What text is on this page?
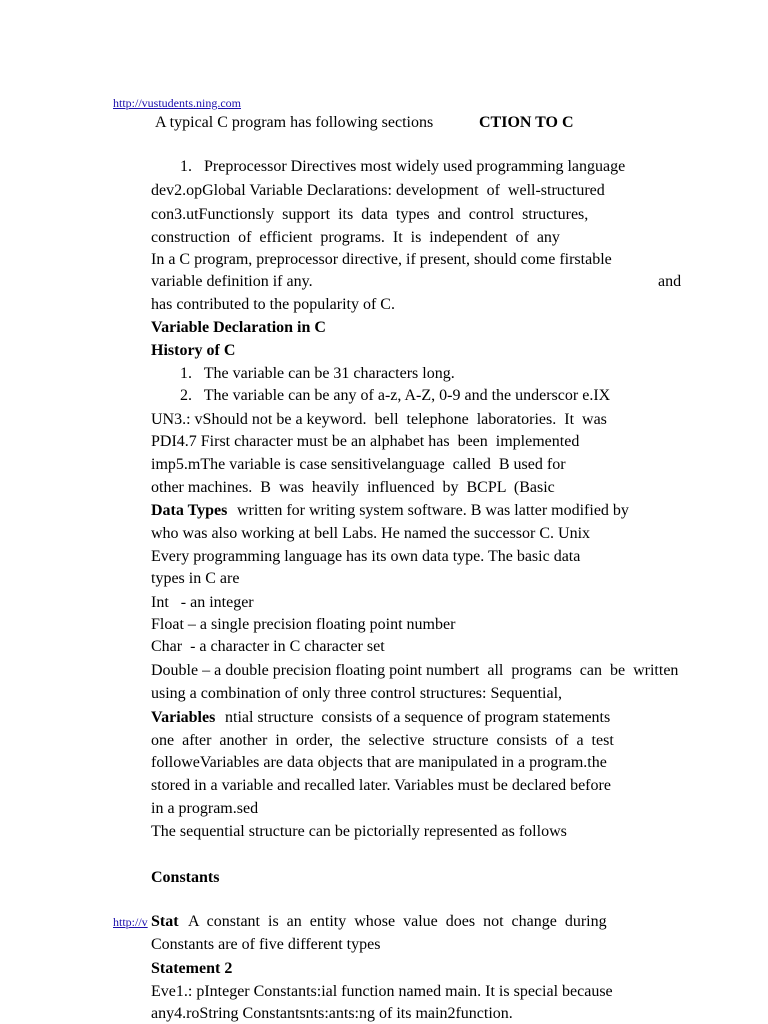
http://vustudents.ning.com
A typical C program has following sections	CTION TO C
1.   Preprocessor Directives most widely used programming language
dev2.opGlobal Variable Declarations: development  of  well-structured
con3.utFunctionsly  support  its  data  types  and  control  structures,
construction  of  efficient  programs.  It  is  independent  of  any
In a C program, preprocessor directive, if present, should come firstable
variable definition if any.	and
has contributed to the popularity of C.
Variable Declaration in C
History of C
1.   The variable can be 31 characters long.
2.   The variable can be any of a-z, A-Z, 0-9 and the underscor e.IX
UN3.: vShould not be a keyword.  bell  telephone  laboratories.  It  was
PDI4.7 First character must be an alphabet has  been  implemented
imp5.mThe variable is case sensitivelanguage  called  B used for
other machines.  B  was  heavily  influenced  by  BCPL  (Basic
Data Types written for writing system software. B was latter modified by
who was also working at bell Labs. He named the successor C. Unix
Every programming language has its own data type. The basic data
types in C are
Int   - an integer
Float – a single precision floating point number
Char  - a character in C character set
Double – a double precision floating point numbert  all  programs  can  be  written
using a combination of only three control structures: Sequential,
Variables ntial structure  consists of a sequence of program statements
one  after  another  in  order,  the  selective  structure  consists  of  a  test
followeVariables are data objects that are manipulated in a program.the
stored in a variable and recalled later. Variables must be declared before
in a program.sed
The sequential structure can be pictorially represented as follows
Constants
http://v Stat A  constant  is  an  entity  whose  value  does  not  change  during
Constants are of five different types
Statement 2
Eve1.: pInteger Constants:ial function named main. It is special because
any4.roString Constantsnts:ants:ng of its main2function.
